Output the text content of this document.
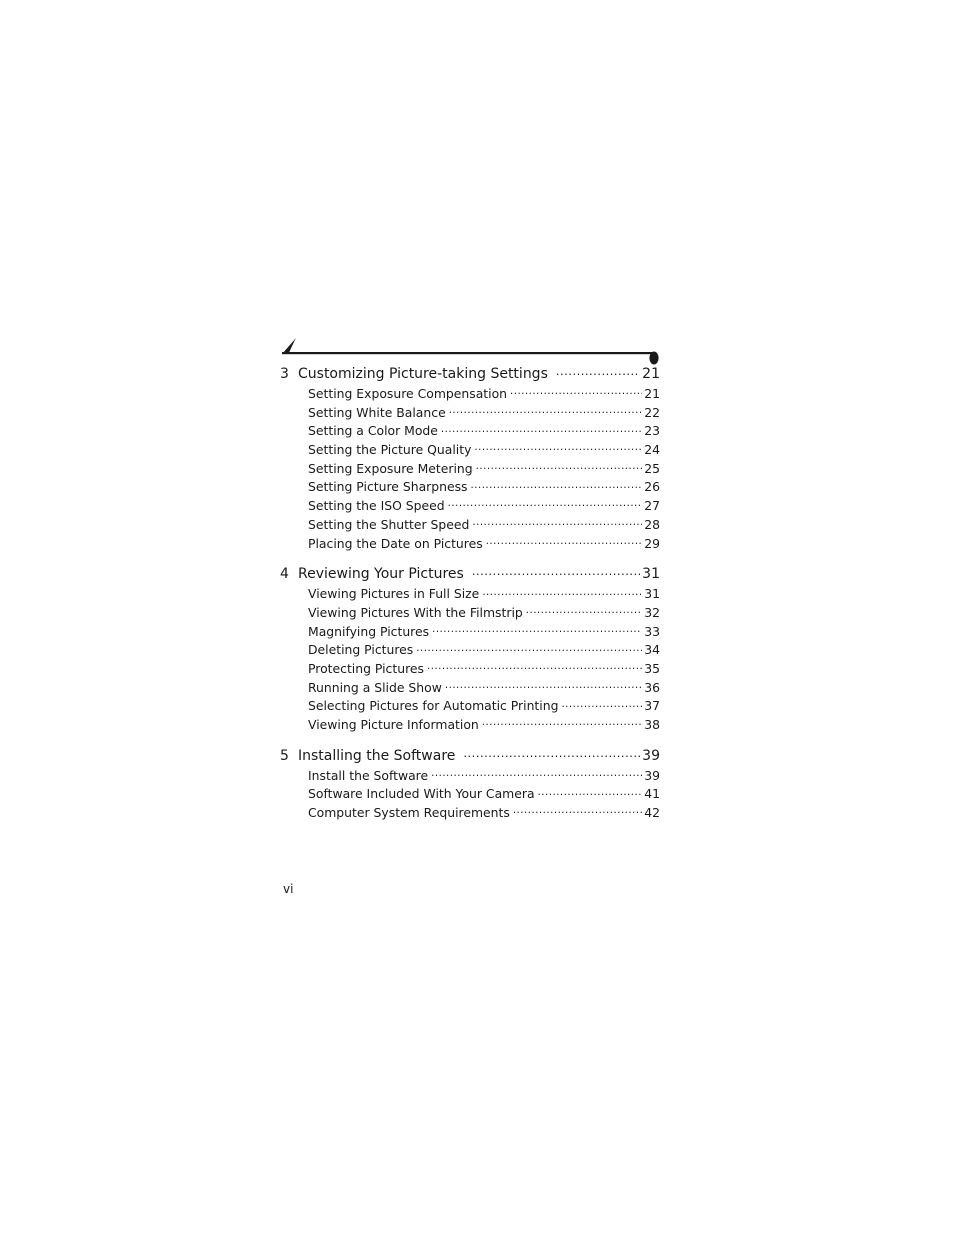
3 Customizing Picture-taking Settings .....	21
Setting Exposure Compensation .....	21
Setting White Balance .....	22
Setting a Color Mode .....	23
Setting the Picture Quality .....	24
Setting Exposure Metering .....	25
Setting Picture Sharpness .....	26
Setting the ISO Speed .....	27
Setting the Shutter Speed .....	28
Placing the Date on Pictures .....	29
4 Reviewing Your Pictures .....	31
Viewing Pictures in Full Size .....	31
Viewing Pictures With the Filmstrip .....	32
Magnifying Pictures .....	33
Deleting Pictures .....	34
Protecting Pictures .....	35
Running a Slide Show .....	36
Selecting Pictures for Automatic Printing .....	37
Viewing Picture Information .....	38
5 Installing the Software .....	39
Install the Software .....	39
Software Included With Your Camera .....	41
Computer System Requirements .....	42
vi
